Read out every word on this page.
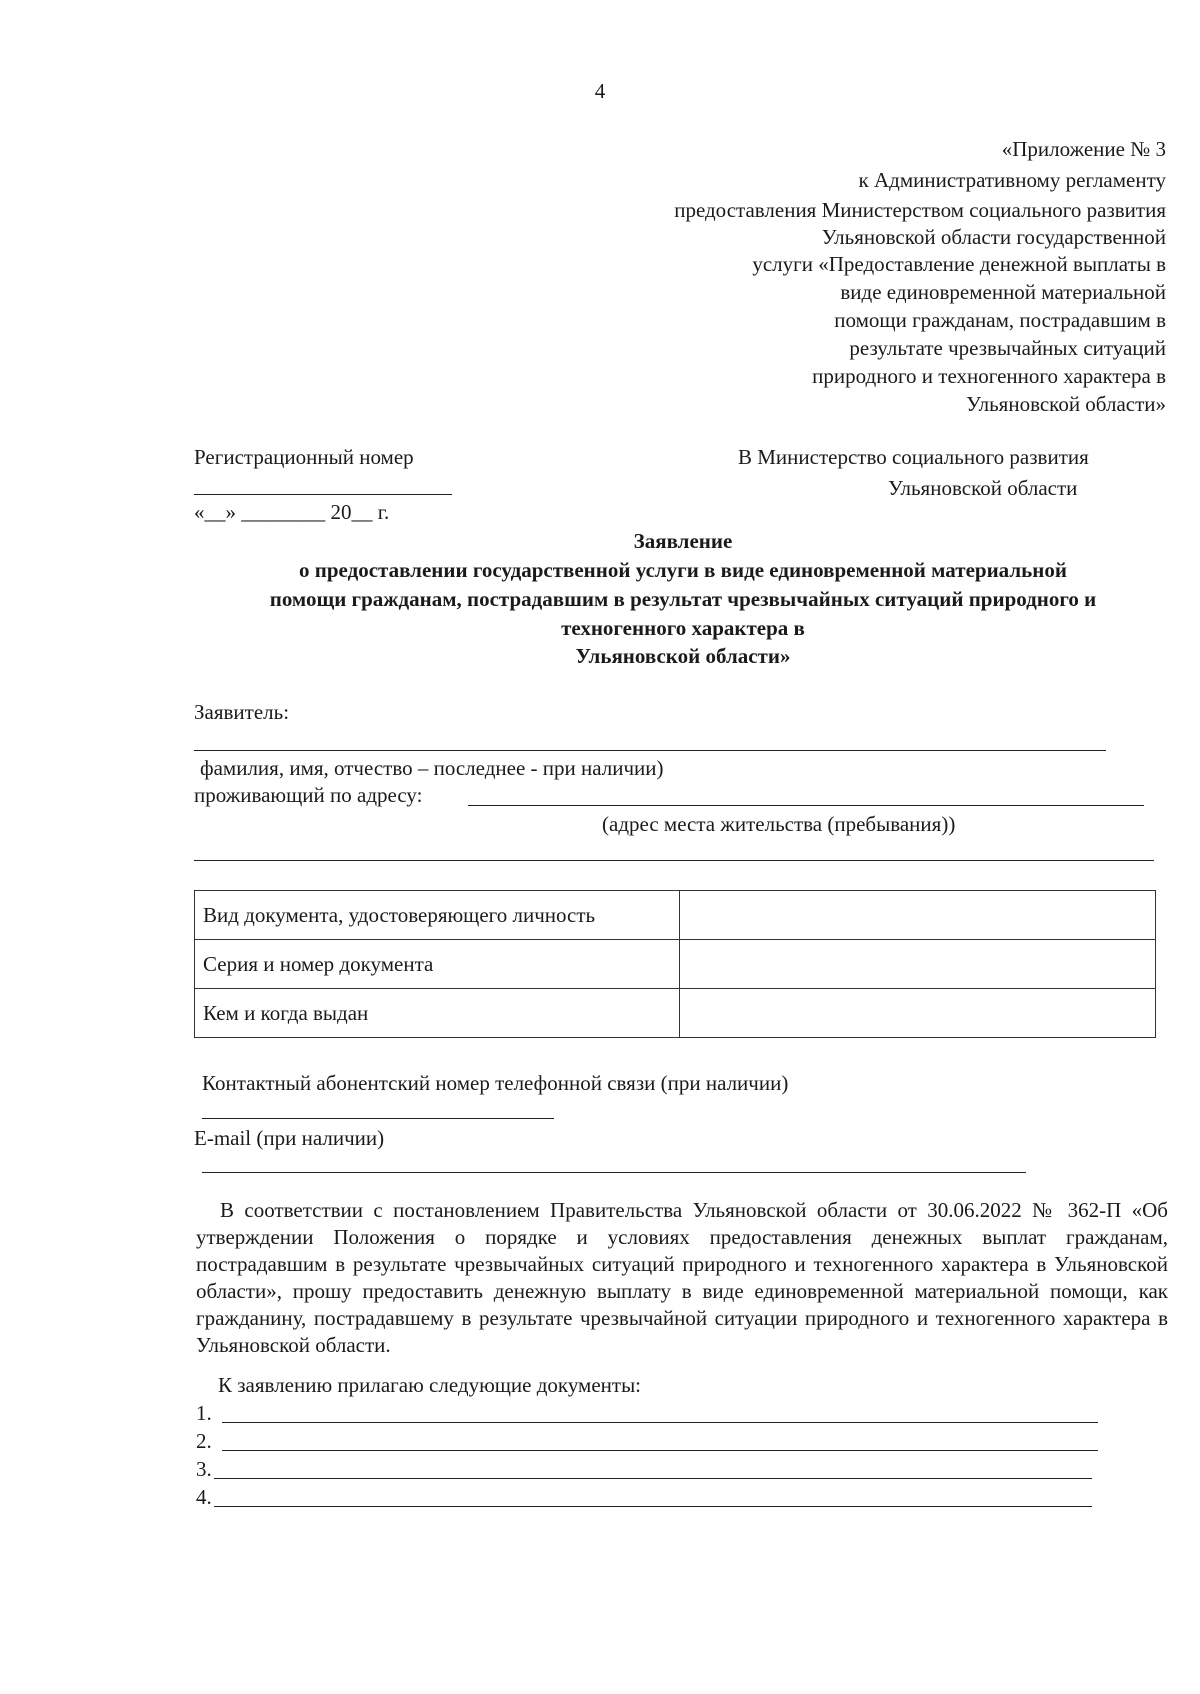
4
«Приложение № 3
к Административному регламенту
предоставления Министерством социального развития
Ульяновской области государственной
услуги «Предоставление денежной выплаты в
виде единовременной материальной
помощи гражданам, пострадавшим в
результате чрезвычайных ситуаций
природного и техногенного характера в
Ульяновской области»
Регистрационный номер
«__» ________ 20__ г.
В Министерство социального развития
Ульяновской области
Заявление
о предоставлении государственной услуги в виде единовременной материальной
помощи гражданам, пострадавшим в результат чрезвычайных ситуаций природного и
техногенного характера в
Ульяновской области»
Заявитель:
фамилия, имя, отчество – последнее - при наличии)
проживающий по адресу:
(адрес места жительства (пребывания))
Вид документа, удостоверяющего личность	
Серия и номер документа	
Кем и когда выдан	
Контактный абонентский номер телефонной связи (при наличии)
E-mail (при наличии)
В соответствии с постановлением Правительства Ульяновской области от 30.06.2022 № 362-П «Об утверждении Положения о порядке и условиях предоставления денежных выплат гражданам, пострадавшим в результате чрезвычайных ситуаций природного и техногенного характера в Ульяновской области», прошу предоставить денежную выплату в виде единовременной материальной помощи, как гражданину, пострадавшему в результате чрезвычайной ситуации природного и техногенного характера в Ульяновской области.
К заявлению прилагаю следующие документы:
1.
2.
3.
4.
